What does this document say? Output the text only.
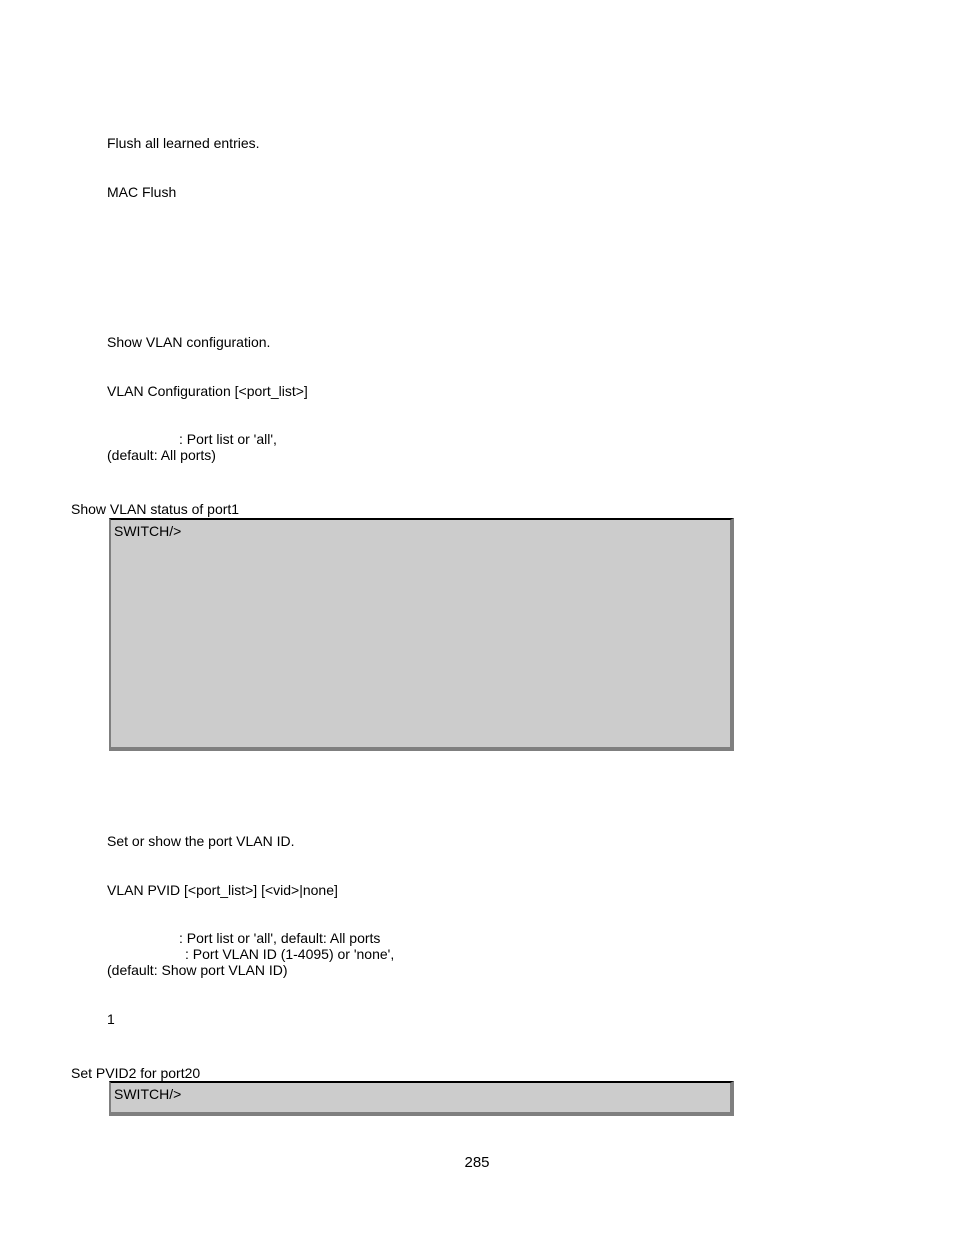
Flush all learned entries.
MAC Flush
Show VLAN configuration.
VLAN Configuration [<port_list>]
: Port list or 'all',
(default: All ports)
Show VLAN status of port1
SWITCH/>
Set or show the port VLAN ID.
VLAN PVID [<port_list>] [<vid>|none]
: Port list or 'all', default: All ports
: Port VLAN ID (1-4095) or 'none',
(default: Show port VLAN ID)
1
Set PVID2 for port20
SWITCH/>
285
